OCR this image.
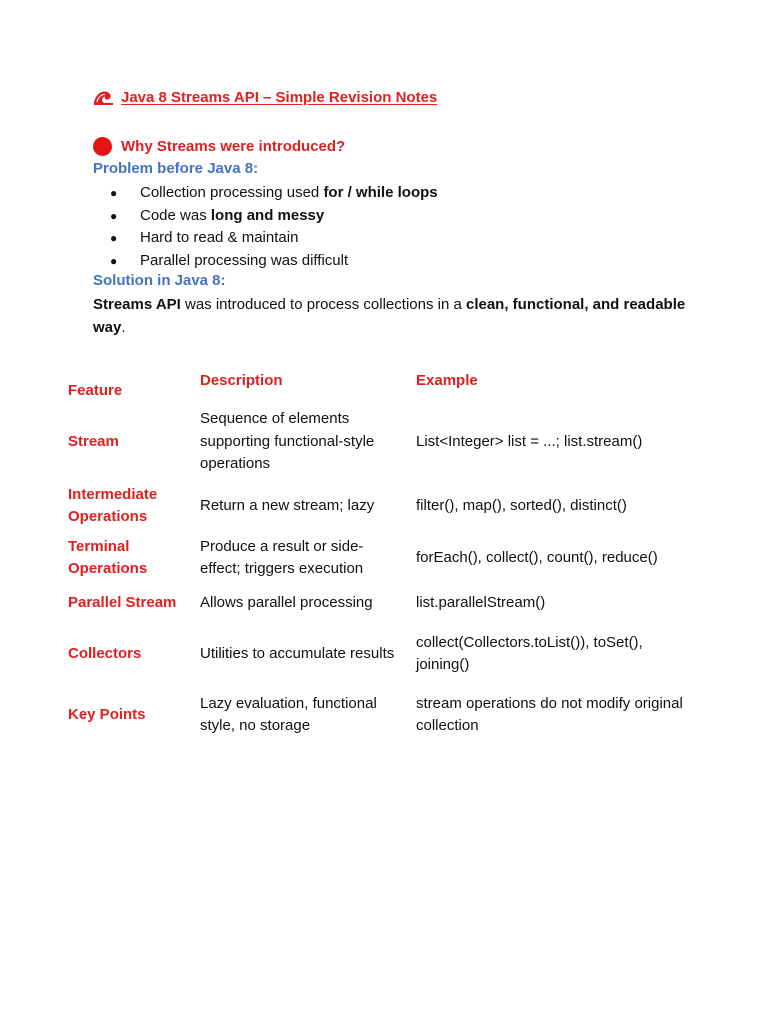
Java 8 Streams API – Simple Revision Notes
Why Streams were introduced?
Problem before Java 8:
●	Collection processing used for / while loops
●	Code was long and messy
●	Hard to read & maintain
●	Parallel processing was difficult
Solution in Java 8:
Streams API was introduced to process collections in a clean, functional, and readable way.
Feature	Description	Example
Stream	Sequence of elements supporting functional-style operations	List<Integer> list = ...; list.stream()
Intermediate Operations	Return a new stream; lazy	filter(), map(), sorted(), distinct()
Terminal Operations	Produce a result or side-effect; triggers execution	forEach(), collect(), count(), reduce()
Parallel Stream	Allows parallel processing	list.parallelStream()
Collectors	Utilities to accumulate results	collect(Collectors.toList()), toSet(), joining()
Key Points	Lazy evaluation, functional style, no storage	stream operations do not modify original collection
